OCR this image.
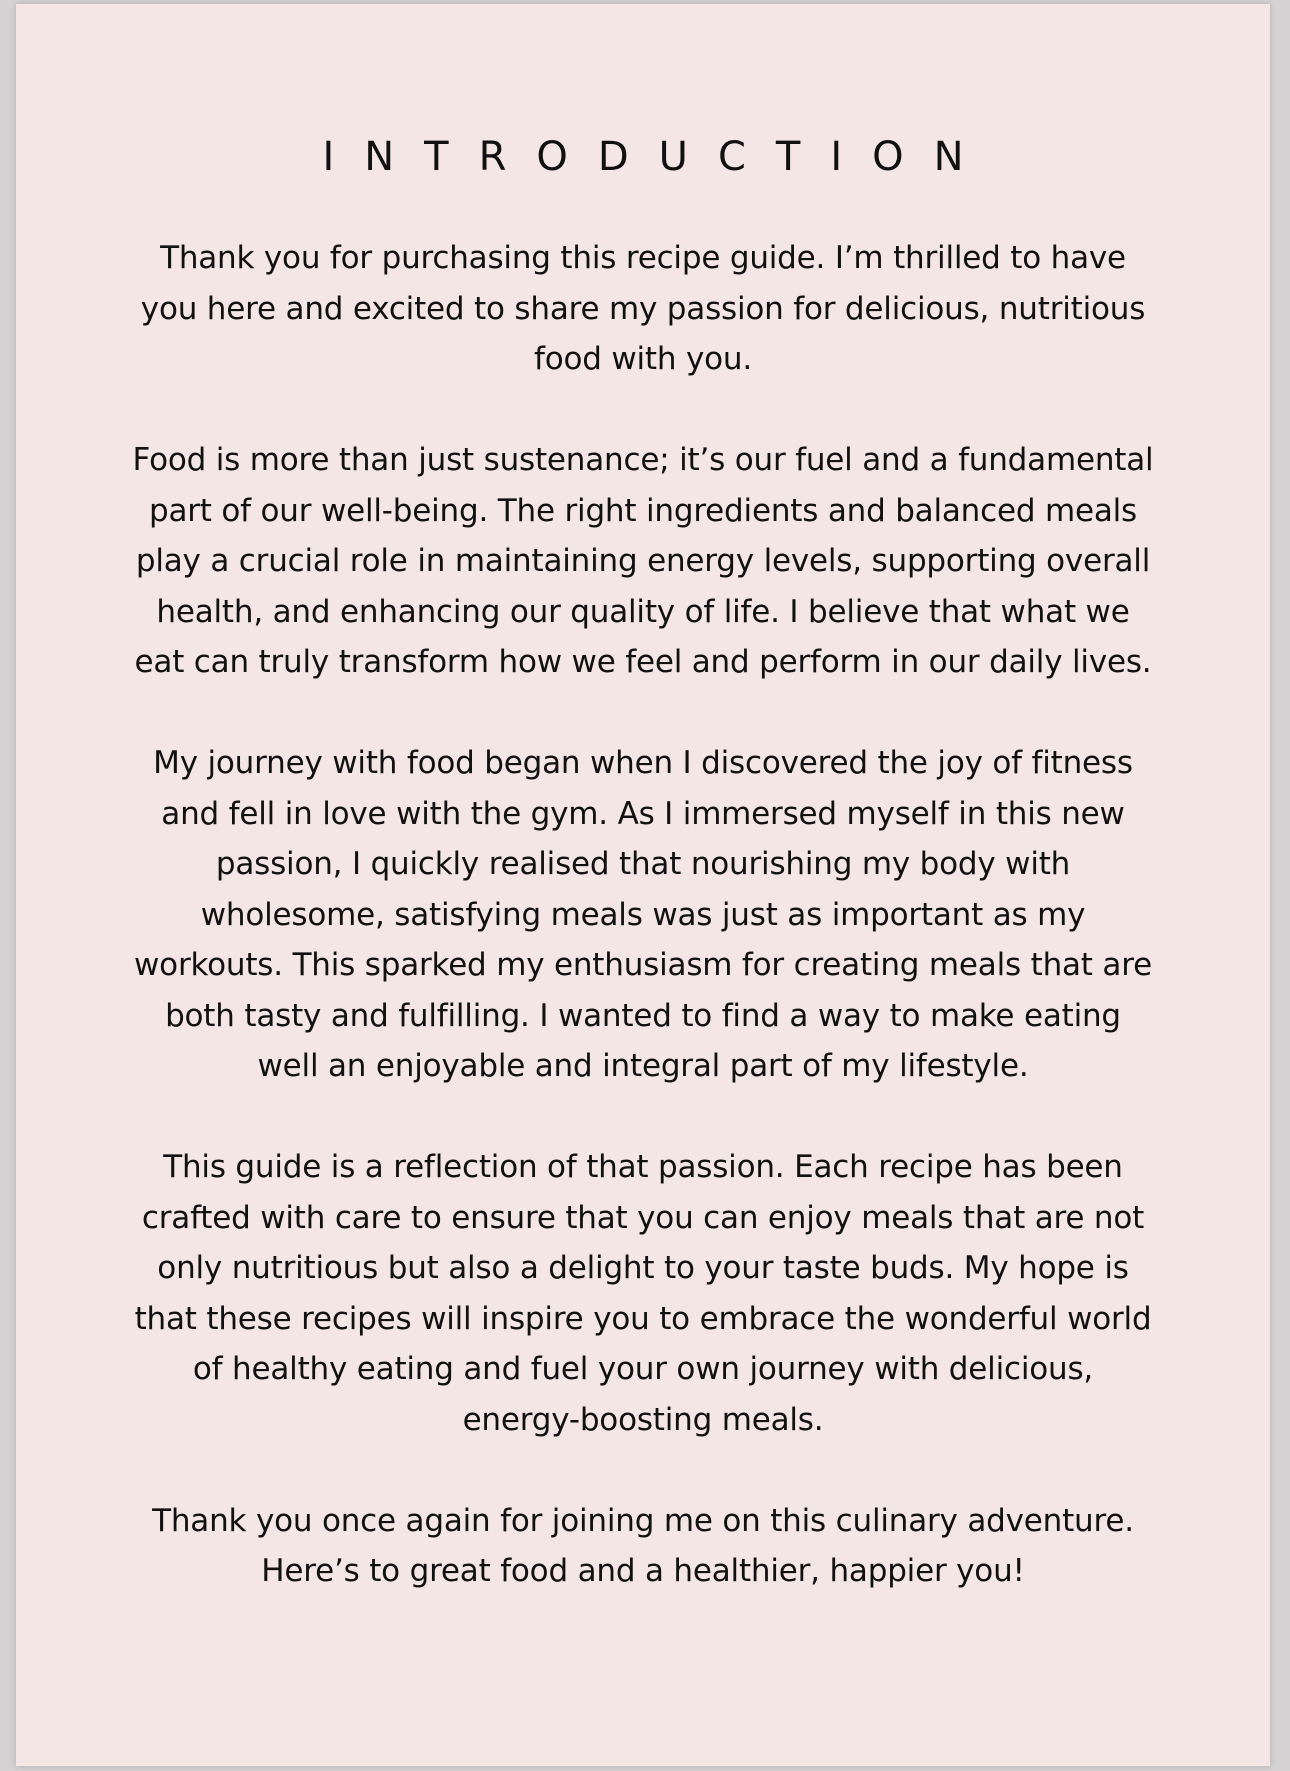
INTRODUCTION

Thank you for purchasing this recipe guide. I’m thrilled to have you here and excited to share my passion for delicious, nutritious food with you.

Food is more than just sustenance; it’s our fuel and a fundamental part of our well-being. The right ingredients and balanced meals play a crucial role in maintaining energy levels, supporting overall health, and enhancing our quality of life. I believe that what we eat can truly transform how we feel and perform in our daily lives.

My journey with food began when I discovered the joy of fitness and fell in love with the gym. As I immersed myself in this new passion, I quickly realised that nourishing my body with wholesome, satisfying meals was just as important as my workouts. This sparked my enthusiasm for creating meals that are both tasty and fulfilling. I wanted to find a way to make eating well an enjoyable and integral part of my lifestyle.

This guide is a reflection of that passion. Each recipe has been crafted with care to ensure that you can enjoy meals that are not only nutritious but also a delight to your taste buds. My hope is that these recipes will inspire you to embrace the wonderful world of healthy eating and fuel your own journey with delicious, energy-boosting meals.

Thank you once again for joining me on this culinary adventure. Here’s to great food and a healthier, happier you!
